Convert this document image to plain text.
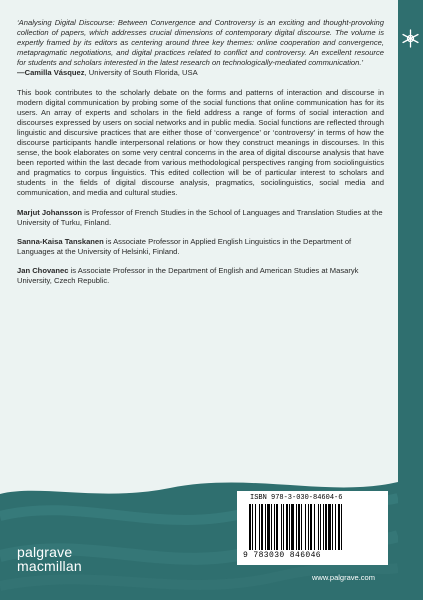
‘Analysing Digital Discourse: Between Convergence and Controversy is an exciting and thought-provoking collection of papers, which addresses crucial dimensions of contemporary digital discourse. The volume is expertly framed by its editors as centering around three key themes: online cooperation and convergence, metapragmatic negotiations, and digital practices related to conflict and controversy. An excellent resource for students and scholars interested in the latest research on technologically-mediated communication.’

—Camilla Vásquez, University of South Florida, USA

This book contributes to the scholarly debate on the forms and patterns of interaction and discourse in modern digital communication by probing some of the social functions that online communication has for its users. An array of experts and scholars in the field address a range of forms of social interaction and discourses expressed by users on social networks and in public media. Social functions are reflected through linguistic and discursive practices that are either those of ‘convergence’ or ‘controversy’ in terms of how the discourse participants handle interpersonal relations or how they construct meanings in discourses. In this sense, the book elaborates on some very central concerns in the area of digital discourse analysis that have been reported within the last decade from various methodological perspectives ranging from sociolinguistics and pragmatics to corpus linguistics. This edited collection will be of particular interest to scholars and students in the fields of digital discourse analysis, pragmatics, sociolinguistics, social media and communication, and media and cultural studies.

Marjut Johansson is Professor of French Studies in the School of Languages and Translation Studies at the University of Turku, Finland.

Sanna-Kaisa Tanskanen is Associate Professor in Applied English Linguistics in the Department of Languages at the University of Helsinki, Finland.

Jan Chovanec is Associate Professor in the Department of English and American Studies at Masaryk University, Czech Republic.

palgrave
macmillan
ISBN 978-3-030-84604-6
9 783030 846046
www.palgrave.com
